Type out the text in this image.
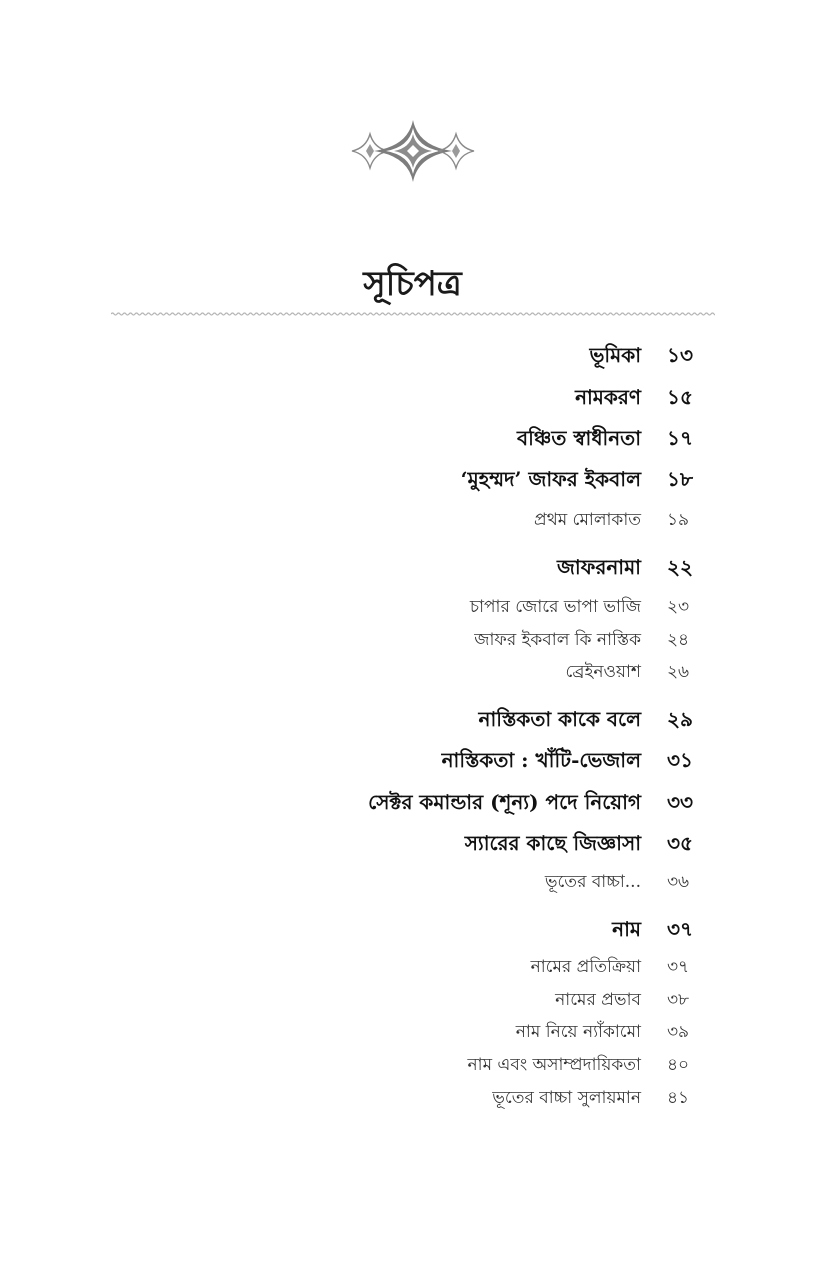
সূচিপত্র
ভূমিকা ১৩
নামকরণ ১৫
বঞ্চিত স্বাধীনতা ১৭
‘মুহম্মদ’ জাফর ইকবাল ১৮
প্রথম মোলাকাত ১৯
জাফরনামা ২২
চাপার জোরে ভাপা ভাজি ২৩
জাফর ইকবাল কি নাস্তিক ২৪
ব্রেইনওয়াশ ২৬
নাস্তিকতা কাকে বলে ২৯
নাস্তিকতা : খাঁটি-ভেজাল ৩১
সেক্টর কমান্ডার (শূন্য) পদে নিয়োগ ৩৩
স্যারের কাছে জিজ্ঞাসা ৩৫
ভূতের বাচ্চা... ৩৬
নাম ৩৭
নামের প্রতিক্রিয়া ৩৭
নামের প্রভাব ৩৮
নাম নিয়ে ন্যাঁকামো ৩৯
নাম এবং অসাম্প্রদায়িকতা ৪০
ভূতের বাচ্চা সুলায়মান ৪১
